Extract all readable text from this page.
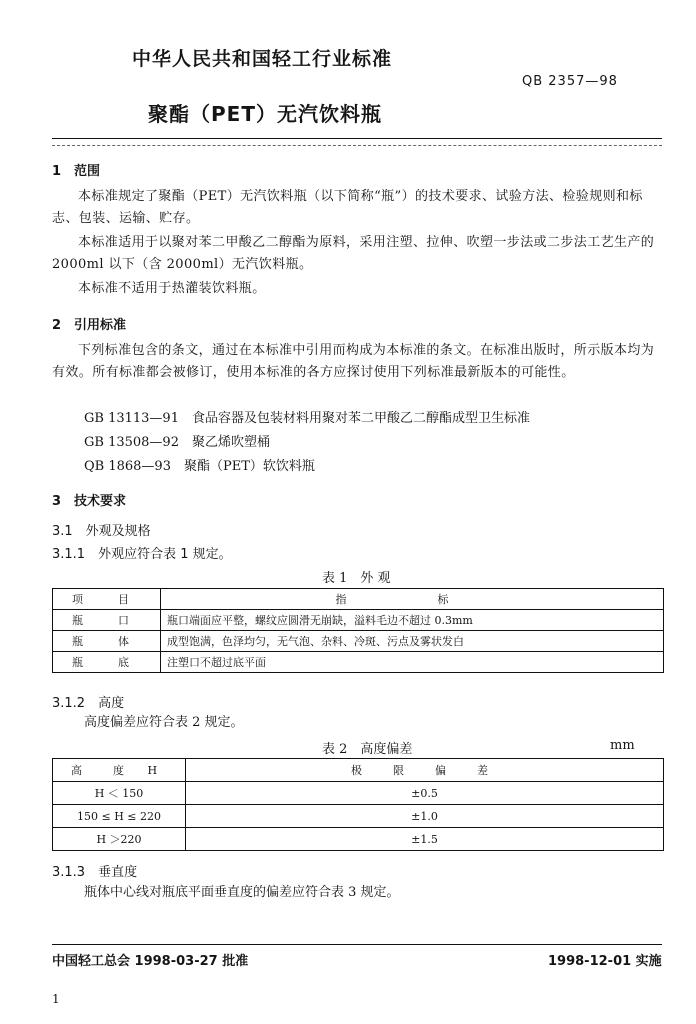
中华人民共和国轻工行业标准
QB 2357—98
聚酯（PET）无汽饮料瓶
1　范围
本标准规定了聚酯（PET）无汽饮料瓶（以下简称“瓶”）的技术要求、试验方法、检验规则和标志、包装、运输、贮存。
本标准适用于以聚对苯二甲酸乙二醇酯为原料，采用注塑、拉伸、吹塑一步法或二步法工艺生产的 2000ml 以下（含 2000ml）无汽饮料瓶。
本标准不适用于热灌装饮料瓶。
2　引用标准
下列标准包含的条文，通过在本标准中引用而构成为本标准的条文。在标准出版时，所示版本均为有效。所有标准都会被修订，使用本标准的各方应探讨使用下列标准最新版本的可能性。
GB 13113—91　食品容器及包装材料用聚对苯二甲酸乙二醇酯成型卫生标准
GB 13508—92　聚乙烯吹塑桶
QB 1868—93　聚酯（PET）软饮料瓶
3　技术要求
3.1　外观及规格
3.1.1　外观应符合表 1 规定。
表 1　外 观
项　目	指　标
瓶　口	瓶口端面应平整，螺纹应圆滑无崩缺，溢料毛边不超过 0.3mm
瓶　体	成型饱满，色泽均匀，无气泡、杂料、冷斑、污点及雾状发白
瓶　底	注塑口不超过底平面
3.1.2　高度
高度偏差应符合表 2 规定。
表 2　高度偏差	mm
高　度 H	极　限　偏　差
H ＜ 150	±0.5
150 ≤ H ≤ 220	±1.0
H ＞220	±1.5
3.1.3　垂直度
瓶体中心线对瓶底平面垂直度的偏差应符合表 3 规定。
中国轻工总会 1998-03-27 批准	1998-12-01 实施
1
